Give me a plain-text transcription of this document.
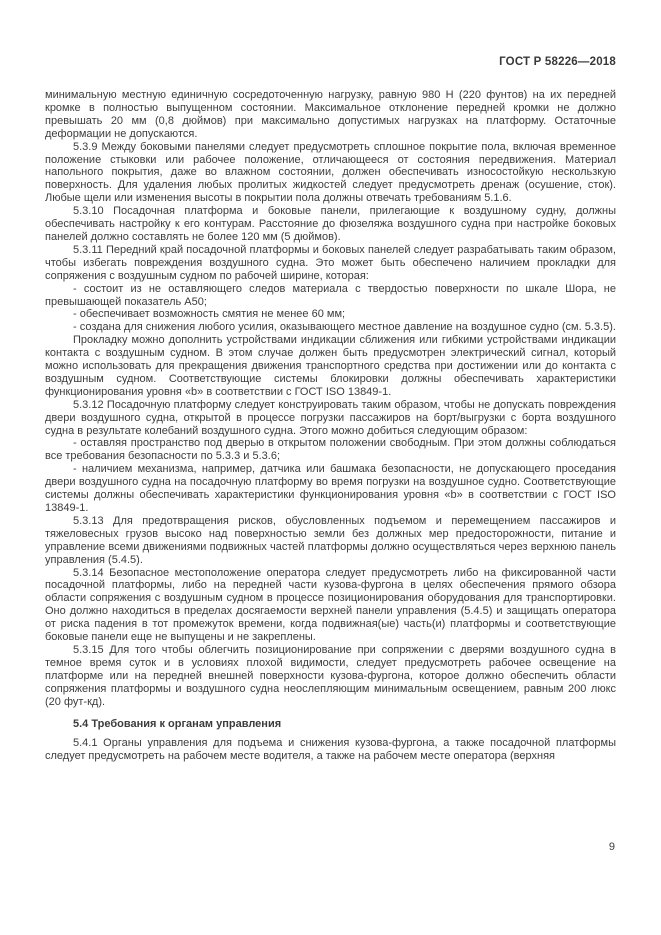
ГОСТ Р 58226—2018

минимальную местную единичную сосредоточенную нагрузку, равную 980 Н (220 фунтов) на их передней кромке в полностью выпущенном состоянии. Максимальное отклонение передней кромки не должно превышать 20 мм (0,8 дюймов) при максимально допустимых нагрузках на платформу. Остаточные деформации не допускаются.

5.3.9 Между боковыми панелями следует предусмотреть сплошное покрытие пола, включая временное положение стыковки или рабочее положение, отличающееся от состояния передвижения. Материал напольного покрытия, даже во влажном состоянии, должен обеспечивать износостойкую нескользкую поверхность. Для удаления любых пролитых жидкостей следует предусмотреть дренаж (осушение, сток). Любые щели или изменения высоты в покрытии пола должны отвечать требованиям 5.1.6.

5.3.10 Посадочная платформа и боковые панели, прилегающие к воздушному судну, должны обеспечивать настройку к его контурам. Расстояние до фюзеляжа воздушного судна при настройке боковых панелей должно составлять не более 120 мм (5 дюймов).

5.3.11 Передний край посадочной платформы и боковых панелей следует разрабатывать таким образом, чтобы избегать повреждения воздушного судна. Это может быть обеспечено наличием прокладки для сопряжения с воздушным судном по рабочей ширине, которая:

- состоит из не оставляющего следов материала с твердостью поверхности по шкале Шора, не превышающей показатель А50;

- обеспечивает возможность смятия не менее 60 мм;

- создана для снижения любого усилия, оказывающего местное давление на воздушное судно (см. 5.3.5).

Прокладку можно дополнить устройствами индикации сближения или гибкими устройствами индикации контакта с воздушным судном. В этом случае должен быть предусмотрен электрический сигнал, который можно использовать для прекращения движения транспортного средства при достижении или до контакта с воздушным судном. Соответствующие системы блокировки должны обеспечивать характеристики функционирования уровня «b» в соответствии с ГОСТ ISO 13849-1.

5.3.12 Посадочную платформу следует конструировать таким образом, чтобы не допускать повреждения двери воздушного судна, открытой в процессе погрузки пассажиров на борт/выгрузки с борта воздушного судна в результате колебаний воздушного судна. Этого можно добиться следующим образом:

- оставляя пространство под дверью в открытом положении свободным. При этом должны соблюдаться все требования безопасности по 5.3.3 и 5.3.6;

- наличием механизма, например, датчика или башмака безопасности, не допускающего проседания двери воздушного судна на посадочную платформу во время погрузки на воздушное судно. Соответствующие системы должны обеспечивать характеристики функционирования уровня «b» в соответствии с ГОСТ ISO 13849-1.

5.3.13 Для предотвращения рисков, обусловленных подъемом и перемещением пассажиров и тяжеловесных грузов высоко над поверхностью земли без должных мер предосторожности, питание и управление всеми движениями подвижных частей платформы должно осуществляться через верхнюю панель управления (5.4.5).

5.3.14 Безопасное местоположение оператора следует предусмотреть либо на фиксированной части посадочной платформы, либо на передней части кузова-фургона в целях обеспечения прямого обзора области сопряжения с воздушным судном в процессе позиционирования оборудования для транспортировки. Оно должно находиться в пределах досягаемости верхней панели управления (5.4.5) и защищать оператора от риска падения в тот промежуток времени, когда подвижная(ые) часть(и) платформы и соответствующие боковые панели еще не выпущены и не закреплены.

5.3.15 Для того чтобы облегчить позиционирование при сопряжении с дверями воздушного судна в темное время суток и в условиях плохой видимости, следует предусмотреть рабочее освещение на платформе или на передней внешней поверхности кузова-фургона, которое должно обеспечить области сопряжения платформы и воздушного судна неослепляющим минимальным освещением, равным 200 люкс (20 фут-кд).

5.4 Требования к органам управления

5.4.1 Органы управления для подъема и снижения кузова-фургона, а также посадочной платформы следует предусмотреть на рабочем месте водителя, а также на рабочем месте оператора (верхняя

9
